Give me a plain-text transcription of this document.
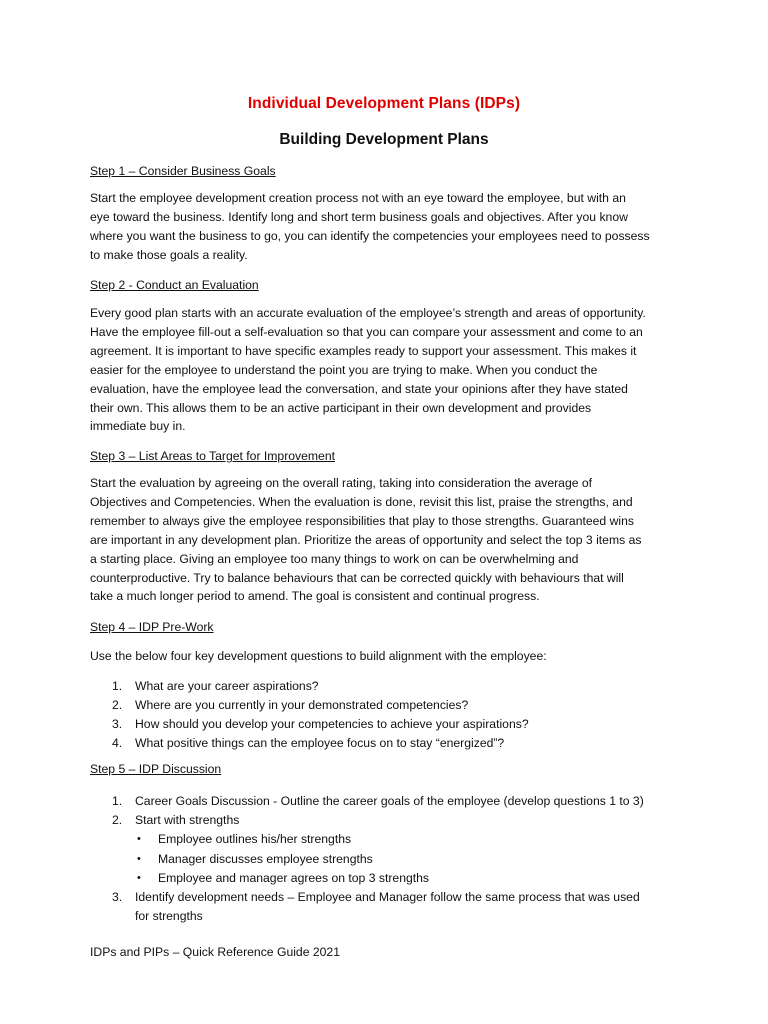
Individual Development Plans (IDPs)
Building Development Plans
Step 1 – Consider Business Goals
Start the employee development creation process not with an eye toward the employee, but with an
eye toward the business. Identify long and short term business goals and objectives. After you know
where you want the business to go, you can identify the competencies your employees need to possess
to make those goals a reality.
Step 2 - Conduct an Evaluation
Every good plan starts with an accurate evaluation of the employee’s strength and areas of opportunity.
Have the employee fill-out a self-evaluation so that you can compare your assessment and come to an
agreement. It is important to have specific examples ready to support your assessment. This makes it
easier for the employee to understand the point you are trying to make. When you conduct the
evaluation, have the employee lead the conversation, and state your opinions after they have stated
their own. This allows them to be an active participant in their own development and provides
immediate buy in.
Step 3 – List Areas to Target for Improvement
Start the evaluation by agreeing on the overall rating, taking into consideration the average of
Objectives and Competencies. When the evaluation is done, revisit this list, praise the strengths, and
remember to always give the employee responsibilities that play to those strengths. Guaranteed wins
are important in any development plan. Prioritize the areas of opportunity and select the top 3 items as
a starting place. Giving an employee too many things to work on can be overwhelming and
counterproductive. Try to balance behaviours that can be corrected quickly with behaviours that will
take a much longer period to amend. The goal is consistent and continual progress.
Step 4 – IDP Pre-Work
Use the below four key development questions to build alignment with the employee:
1. What are your career aspirations?
2. Where are you currently in your demonstrated competencies?
3. How should you develop your competencies to achieve your aspirations?
4. What positive things can the employee focus on to stay “energized”?
Step 5 – IDP Discussion
1. Career Goals Discussion - Outline the career goals of the employee (develop questions 1 to 3)
2. Start with strengths
• Employee outlines his/her strengths
• Manager discusses employee strengths
• Employee and manager agrees on top 3 strengths
3. Identify development needs – Employee and Manager follow the same process that was used
for strengths
IDPs and PIPs – Quick Reference Guide 2021
